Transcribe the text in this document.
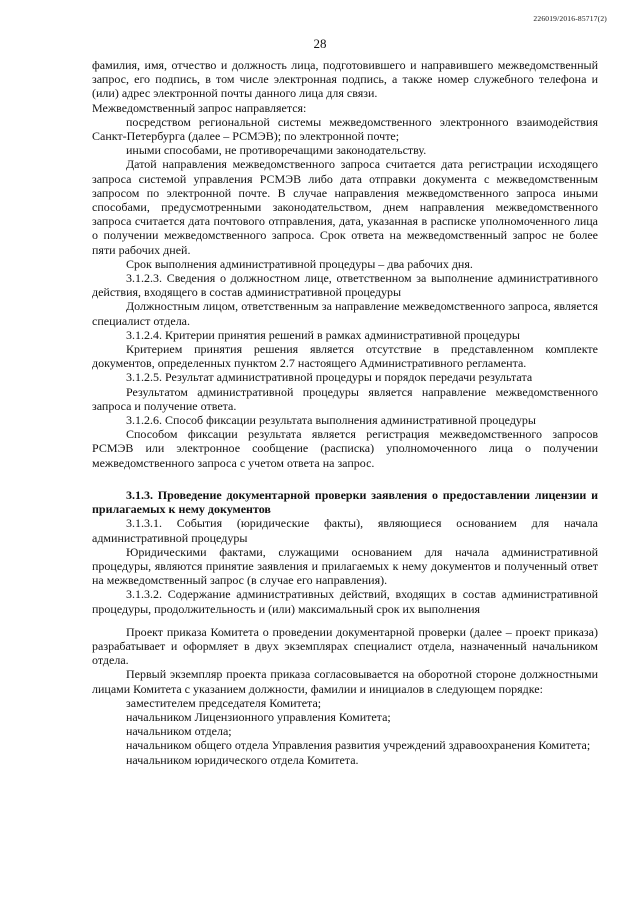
226019/2016-85717(2)
28

фамилия, имя, отчество и должность лица, подготовившего и направившего межведомственный запрос, его подпись, в том числе электронная подпись, а также номер служебного телефона и (или) адрес электронной почты данного лица для связи.

Межведомственный запрос направляется:

посредством региональной системы межведомственного электронного взаимодействия Санкт-Петербурга (далее – РСМЭВ); по электронной почте;

иными способами, не противоречащими законодательству.

Датой направления межведомственного запроса считается дата регистрации исходящего запроса системой управления РСМЭВ либо дата отправки документа с межведомственным запросом по электронной почте. В случае направления межведомственного запроса иными способами, предусмотренными законодательством, днем направления межведомственного запроса считается дата почтового отправления, дата, указанная в расписке уполномоченного лица о получении межведомственного запроса. Срок ответа на межведомственный запрос не более пяти рабочих дней.

Срок выполнения административной процедуры – два рабочих дня.

3.1.2.3. Сведения о должностном лице, ответственном за выполнение административного действия, входящего в состав административной процедуры

Должностным лицом, ответственным за направление межведомственного запроса, является специалист отдела.

3.1.2.4. Критерии принятия решений в рамках административной процедуры

Критерием принятия решения является отсутствие в представленном комплекте документов, определенных пунктом 2.7 настоящего Административного регламента.

3.1.2.5. Результат административной процедуры и порядок передачи результата

Результатом административной процедуры является направление межведомственного запроса и получение ответа.

3.1.2.6. Способ фиксации результата выполнения административной процедуры

Способом фиксации результата является регистрация межведомственного запросов РСМЭВ или электронное сообщение (расписка) уполномоченного лица о получении межведомственного запроса с учетом ответа на запрос.

3.1.3. Проведение документарной проверки заявления о предоставлении лицензии и прилагаемых к нему документов

3.1.3.1. События (юридические факты), являющиеся основанием для начала административной процедуры

Юридическими фактами, служащими основанием для начала административной процедуры, являются принятие заявления и прилагаемых к нему документов и полученный ответ на межведомственный запрос (в случае его направления).

3.1.3.2. Содержание административных действий, входящих в состав административной процедуры, продолжительность и (или) максимальный срок их выполнения

Проект приказа Комитета о проведении документарной проверки (далее – проект приказа) разрабатывает и оформляет в двух экземплярах специалист отдела, назначенный начальником отдела.

Первый экземпляр проекта приказа согласовывается на оборотной стороне должностными лицами Комитета с указанием должности, фамилии и инициалов в следующем порядке:

заместителем председателя Комитета;

начальником Лицензионного управления Комитета;

начальником отдела;

начальником общего отдела Управления развития учреждений здравоохранения Комитета;

начальником юридического отдела Комитета.
